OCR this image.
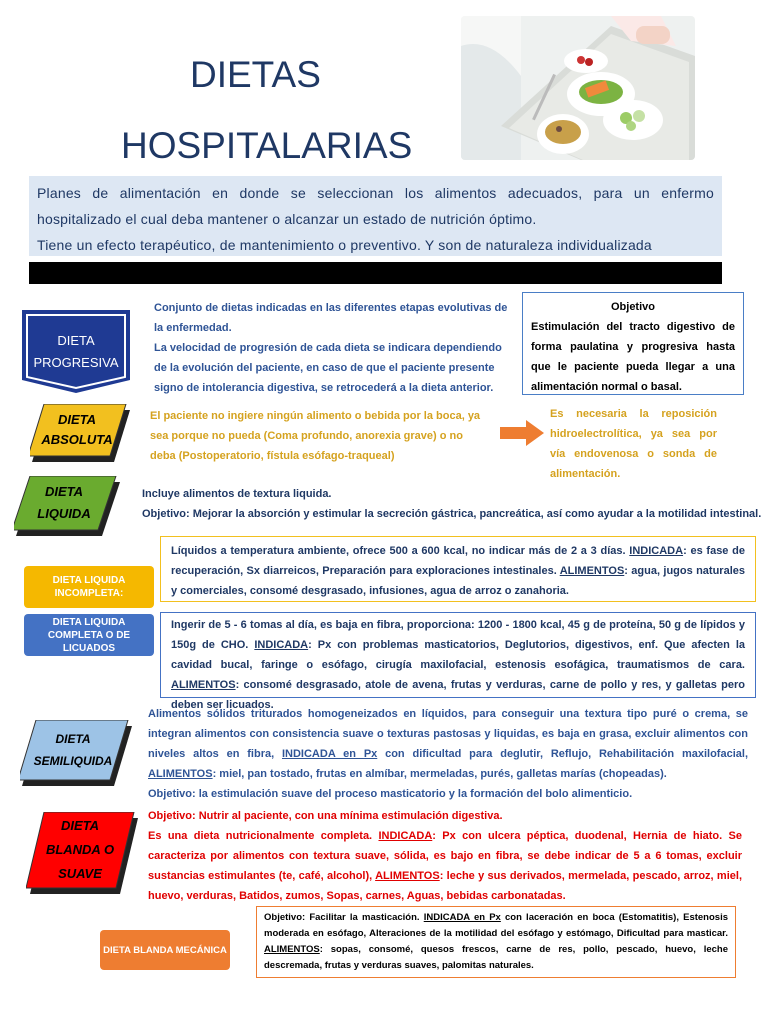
DIETAS
HOSPITALARIAS
Planes de alimentación en donde se seleccionan los alimentos adecuados, para un enfermo hospitalizado el cual deba mantener o alcanzar un estado de nutrición óptimo.
Tiene un efecto terapéutico, de mantenimiento o preventivo. Y son de naturaleza individualizada
DIETA
PROGRESIVA
Conjunto de dietas indicadas en las diferentes etapas evolutivas de la enfermedad.
La velocidad de progresión de cada dieta se indicara dependiendo de la evolución del paciente, en caso de que el paciente presente signo de intolerancia digestiva, se retrocederá a la dieta anterior.
Objetivo
Estimulación del tracto digestivo de forma paulatina y progresiva hasta que le paciente pueda llegar a una alimentación normal o basal.
DIETA
ABSOLUTA
El paciente no ingiere ningún alimento o bebida por la boca, ya sea porque no pueda (Coma profundo, anorexia grave) o no deba (Postoperatorio, fístula esófago-traqueal)
Es necesaria la reposición hidroelectrolítica, ya sea por vía endovenosa o sonda de alimentación.
DIETA
LIQUIDA
Incluye alimentos de textura liquida.
Objetivo: Mejorar la absorción y estimular la secreción gástrica, pancreática, así como ayudar a la motilidad intestinal.
DIETA LIQUIDA INCOMPLETA:
Líquidos a temperatura ambiente, ofrece 500 a 600 kcal, no indicar más de 2 a 3 días. INDICADA: es fase de recuperación, Sx diarreicos, Preparación para exploraciones intestinales. ALIMENTOS: agua, jugos naturales y comerciales, consomé desgrasado, infusiones, agua de arroz o zanahoria.
DIETA LIQUIDA COMPLETA O DE LICUADOS
Ingerir de 5 - 6 tomas al día, es baja en fibra, proporciona: 1200 - 1800 kcal, 45 g de proteína, 50 g de lípidos y 150g de CHO. INDICADA: Px con problemas masticatorios, Deglutorios, digestivos, enf. Que afecten la cavidad bucal, faringe o esófago, cirugía maxilofacial, estenosis esofágica, traumatismos de cara. ALIMENTOS: consomé desgrasado, atole de avena, frutas y verduras, carne de pollo y res, y galletas pero deben ser licuados.
DIETA
SEMILIQUIDA
Alimentos sólidos triturados homogeneizados en líquidos, para conseguir una textura tipo puré o crema, se integran alimentos con consistencia suave o texturas pastosas y liquidas, es baja en grasa, excluir alimentos con niveles altos en fibra, INDICADA en Px con dificultad para deglutir, Reflujo, Rehabilitación maxilofacial, ALIMENTOS: miel, pan tostado, frutas en almíbar, mermeladas, purés, galletas marías (chopeadas).
Objetivo: la estimulación suave del proceso masticatorio y la formación del bolo alimenticio.
DIETA
BLANDA O
SUAVE
Objetivo: Nutrir al paciente, con una mínima estimulación digestiva.
Es una dieta nutricionalmente completa. INDICADA: Px con ulcera péptica, duodenal, Hernia de hiato. Se caracteriza por alimentos con textura suave, sólida, es bajo en fibra, se debe indicar de 5 a 6 tomas, excluir sustancias estimulantes (te, café, alcohol), ALIMENTOS: leche y sus derivados, mermelada, pescado, arroz, miel, huevo, verduras, Batidos, zumos, Sopas, carnes, Aguas, bebidas carbonatadas.
DIETA BLANDA MECÁNICA
Objetivo: Facilitar la masticación. INDICADA en Px con laceración en boca (Estomatitis), Estenosis moderada en esófago, Alteraciones de la motilidad del esófago y estómago, Dificultad para masticar. ALIMENTOS: sopas, consomé, quesos frescos, carne de res, pollo, pescado, huevo, leche descremada, frutas y verduras suaves, palomitas naturales.
